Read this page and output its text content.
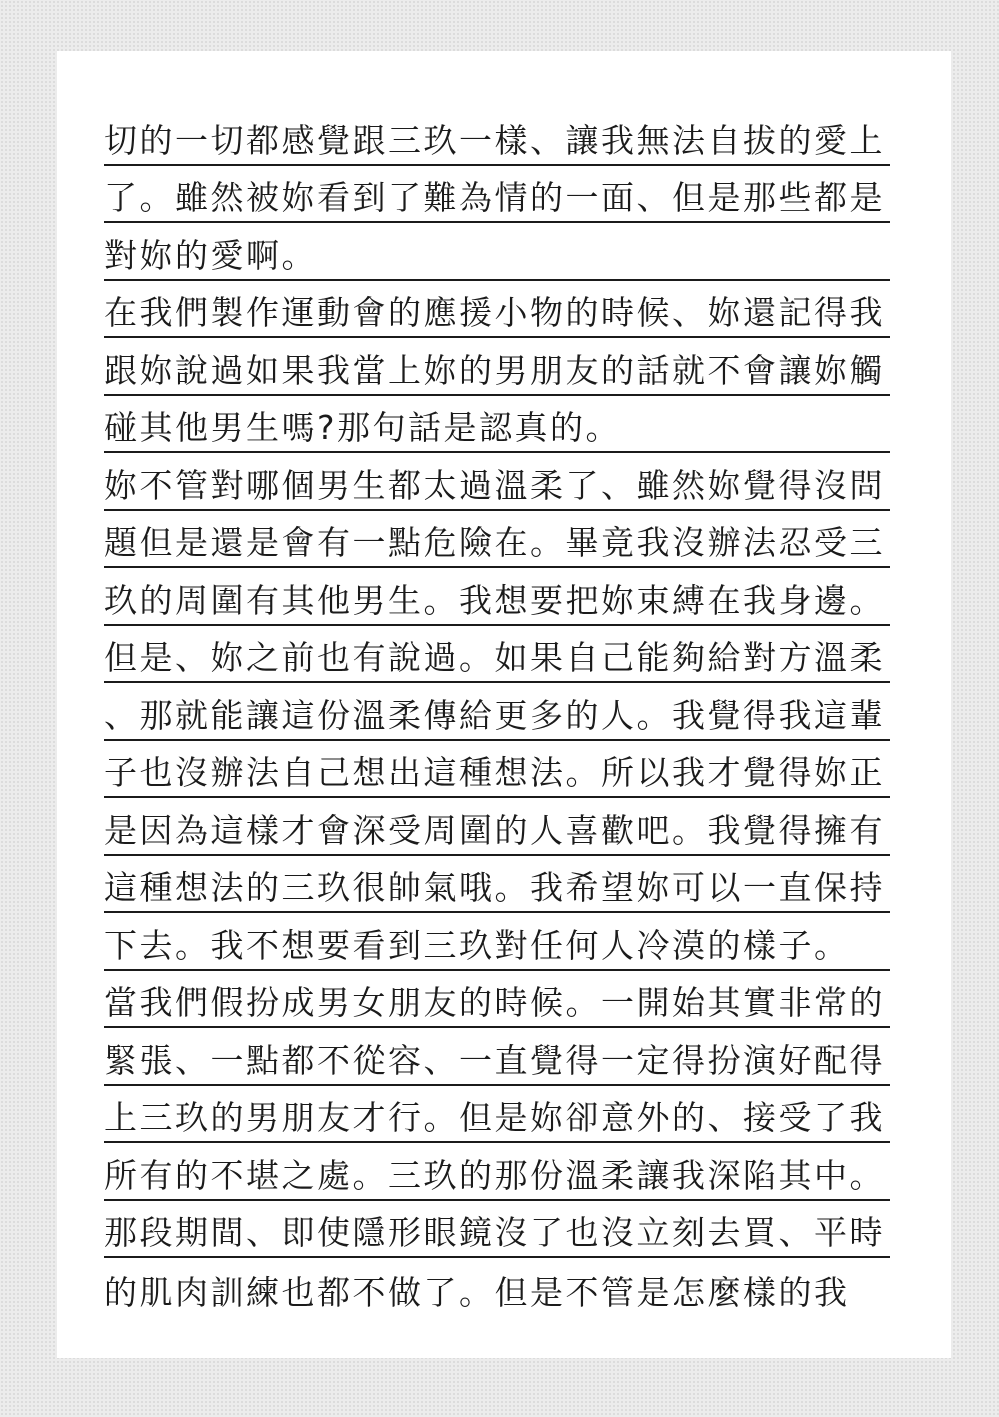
切的一切都感覺跟三玖一樣、讓我無法自拔的愛上
了。雖然被妳看到了難為情的一面、但是那些都是
對妳的愛啊。
在我們製作運動會的應援小物的時候、妳還記得我
跟妳說過如果我當上妳的男朋友的話就不會讓妳觸
碰其他男生嗎?那句話是認真的。
妳不管對哪個男生都太過溫柔了、雖然妳覺得沒問
題但是還是會有一點危險在。畢竟我沒辦法忍受三
玖的周圍有其他男生。我想要把妳束縛在我身邊。
但是、妳之前也有說過。如果自己能夠給對方溫柔
、那就能讓這份溫柔傳給更多的人。我覺得我這輩
子也沒辦法自己想出這種想法。所以我才覺得妳正
是因為這樣才會深受周圍的人喜歡吧。我覺得擁有
這種想法的三玖很帥氣哦。我希望妳可以一直保持
下去。我不想要看到三玖對任何人冷漠的樣子。
當我們假扮成男女朋友的時候。一開始其實非常的
緊張、一點都不從容、一直覺得一定得扮演好配得
上三玖的男朋友才行。但是妳卻意外的、接受了我
所有的不堪之處。三玖的那份溫柔讓我深陷其中。
那段期間、即使隱形眼鏡沒了也沒立刻去買、平時
的肌肉訓練也都不做了。但是不管是怎麼樣的我
